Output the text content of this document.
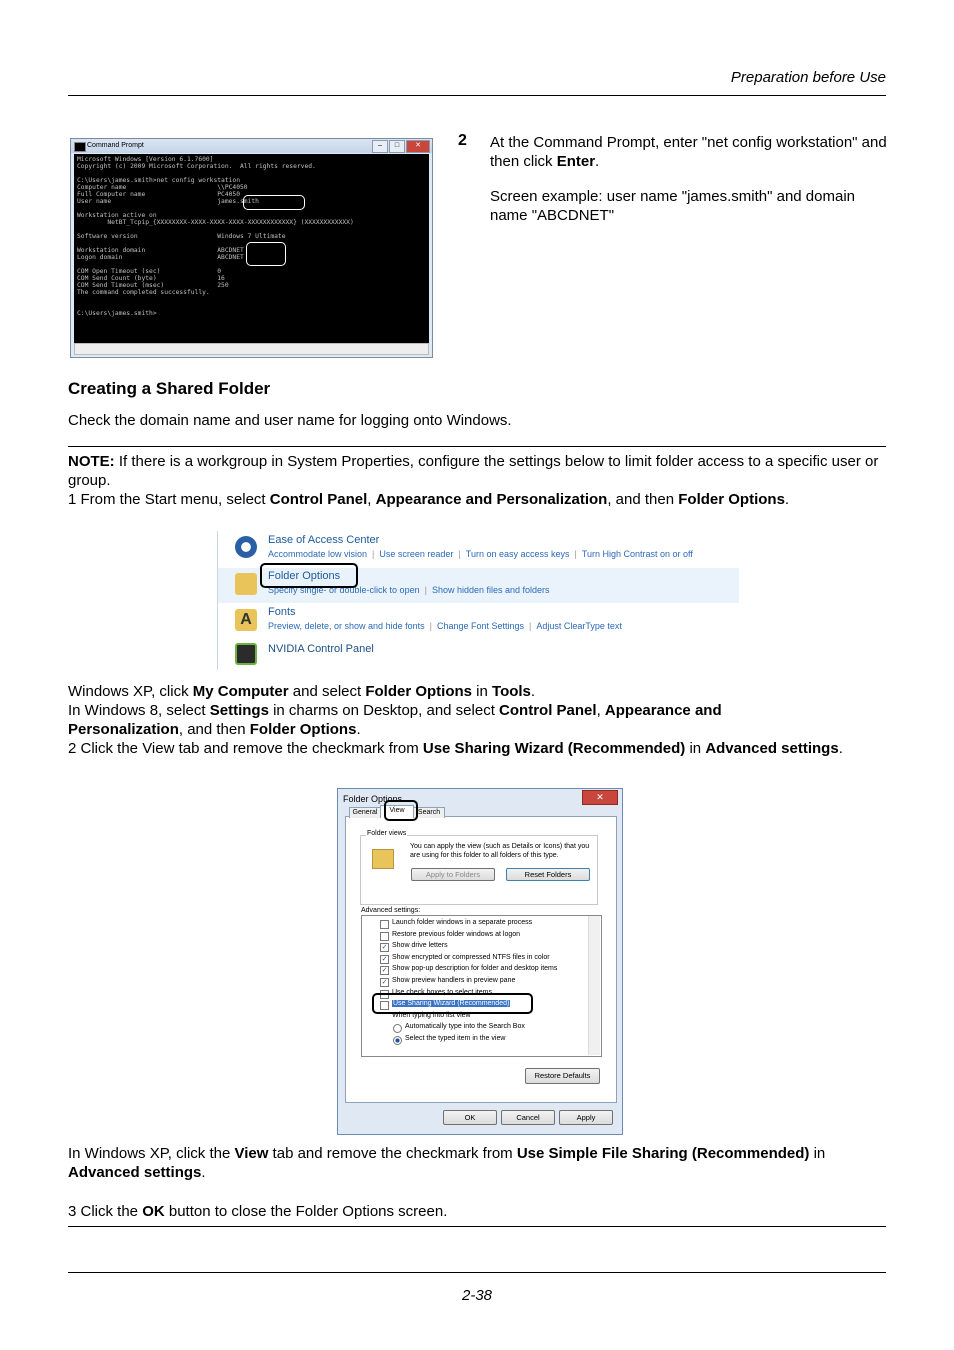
Preparation before Use
Command Prompt	–	□	✕
Microsoft Windows [Version 6.1.7600]
Copyright (c) 2009 Microsoft Corporation.  All rights reserved.

C:\Users\james.smith>net config workstation
Computer name                        \\PC4050
Full Computer name                   PC4050
User name                            james.smith

Workstation active on
NetBT_Tcpip_{XXXXXXXX-XXXX-XXXX-XXXX-XXXXXXXXXXXX} (XXXXXXXXXXXX)

Software version                     Windows 7 Ultimate

Workstation domain                   ABCDNET
Logon domain                         ABCDNET

COM Open Timeout (sec)               0
COM Send Count (byte)                16
COM Send Timeout (msec)              250
The command completed successfully.

C:\Users\james.smith>
2 At the Command Prompt, enter "net config workstation" and then click Enter.
Screen example: user name "james.smith" and domain name "ABCDNET"
Creating a Shared Folder
Check the domain name and user name for logging onto Windows.
NOTE: If there is a workgroup in System Properties, configure the settings below to limit folder access to a specific user or group.
1 From the Start menu, select Control Panel, Appearance and Personalization, and then Folder Options.
Ease of Access Center
Accommodate low vision | Use screen reader | Turn on easy access keys | Turn High Contrast on or off
Folder Options
Specify single- or double-click to open | Show hidden files and folders
A	Fonts
Preview, delete, or show and hide fonts | Change Font Settings | Adjust ClearType text
NVIDIA Control Panel
Windows XP, click My Computer and select Folder Options in Tools.
In Windows 8, select Settings in charms on Desktop, and select Control Panel, Appearance and
Personalization, and then Folder Options.
2 Click the View tab and remove the checkmark from Use Sharing Wizard (Recommended) in Advanced settings.
Folder Options	✕
General	View	Search
Folder views
You can apply the view (such as Details or Icons) that you are using for this folder to all folders of this type.
Apply to Folders	Reset Folders
Advanced settings:
Launch folder windows in a separate process
Restore previous folder windows at logon
✓ Show drive letters
✓ Show encrypted or compressed NTFS files in color
✓ Show pop-up description for folder and desktop items
✓ Show preview handlers in preview pane
Use check boxes to select items
Use Sharing Wizard (Recommended)
When typing into list view
Automatically type into the Search Box
Select the typed item in the view
Restore Defaults
OK	Cancel	Apply
In Windows XP, click the View tab and remove the checkmark from Use Simple File Sharing (Recommended) in
Advanced settings.
3 Click the OK button to close the Folder Options screen.
2-38
